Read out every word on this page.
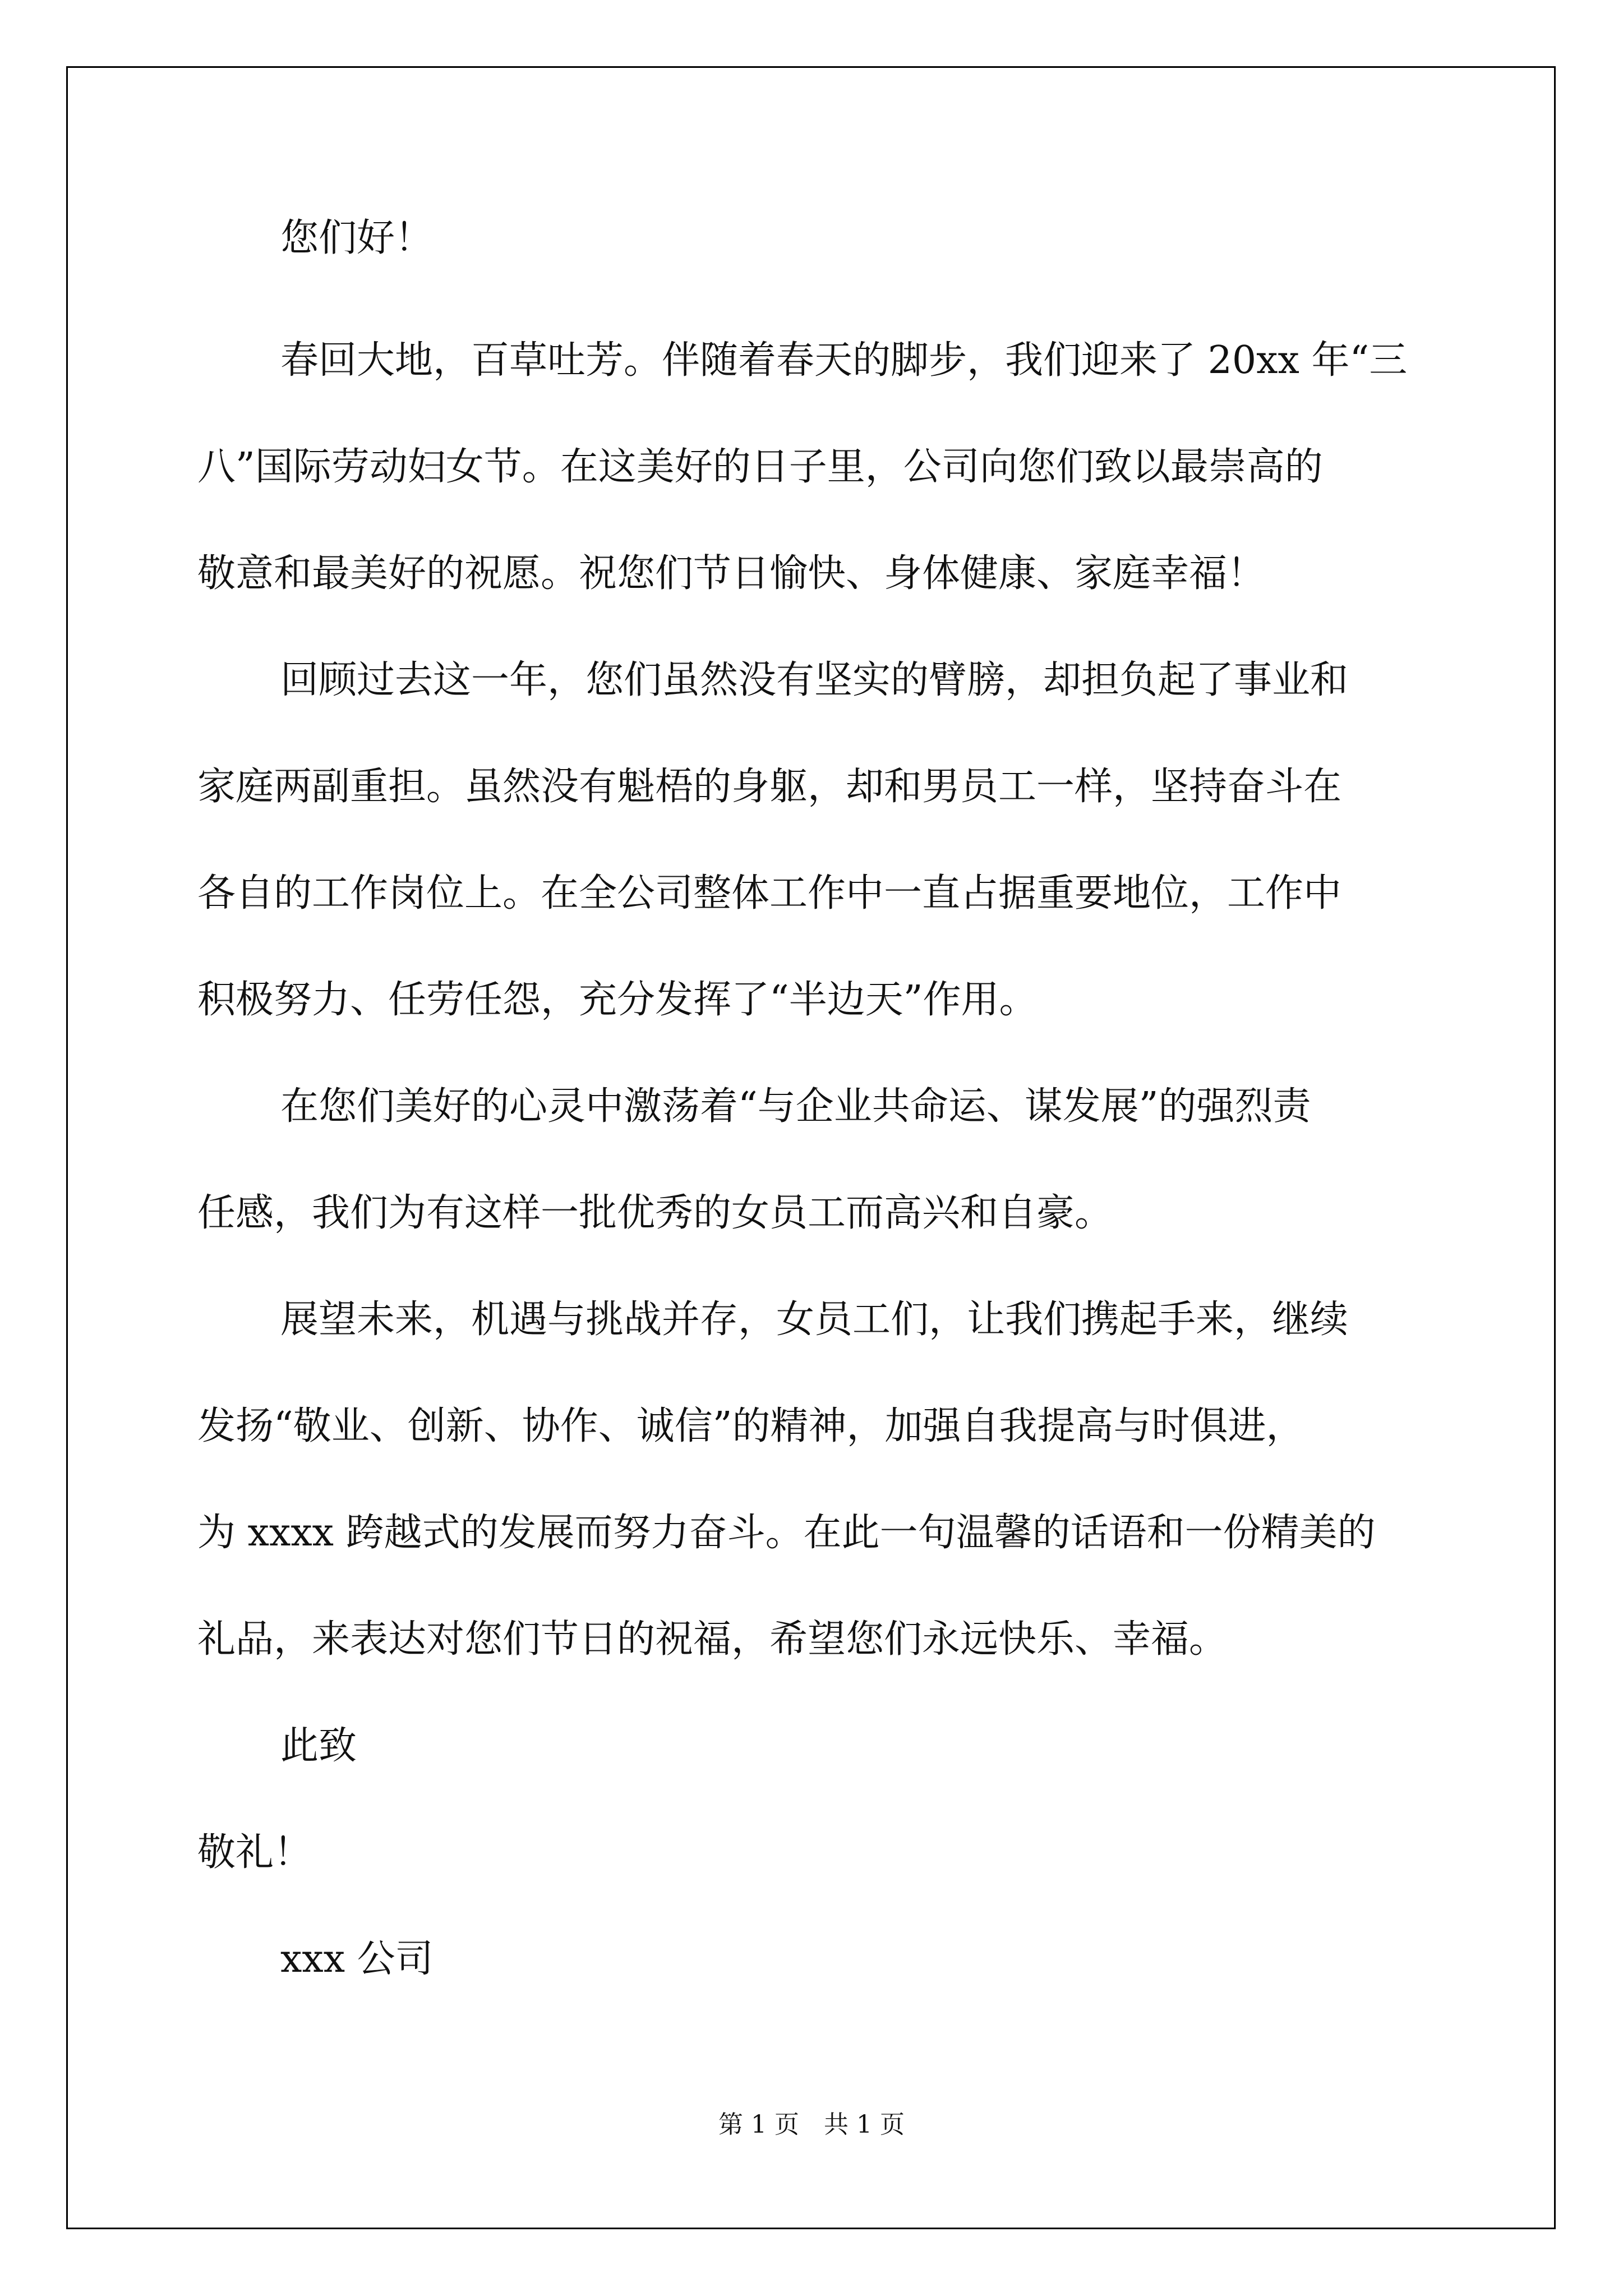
您们好！

春回大地，百草吐芳。伴随着春天的脚步，我们迎来了 20xx 年“三

八”国际劳动妇女节。在这美好的日子里，公司向您们致以最崇高的

敬意和最美好的祝愿。祝您们节日愉快、身体健康、家庭幸福！

回顾过去这一年，您们虽然没有坚实的臂膀，却担负起了事业和

家庭两副重担。虽然没有魁梧的身躯，却和男员工一样，坚持奋斗在

各自的工作岗位上。在全公司整体工作中一直占据重要地位，工作中

积极努力、任劳任怨，充分发挥了“半边天”作用。

在您们美好的心灵中激荡着“与企业共命运、谋发展”的强烈责

任感，我们为有这样一批优秀的女员工而高兴和自豪。

展望未来，机遇与挑战并存，女员工们，让我们携起手来，继续

发扬“敬业、创新、协作、诚信”的精神，加强自我提高与时俱进，

为 xxxx 跨越式的发展而努力奋斗。在此一句温馨的话语和一份精美的

礼品，来表达对您们节日的祝福，希望您们永远快乐、幸福。

此致

敬礼！

xxx 公司

第 1 页　共 1 页
